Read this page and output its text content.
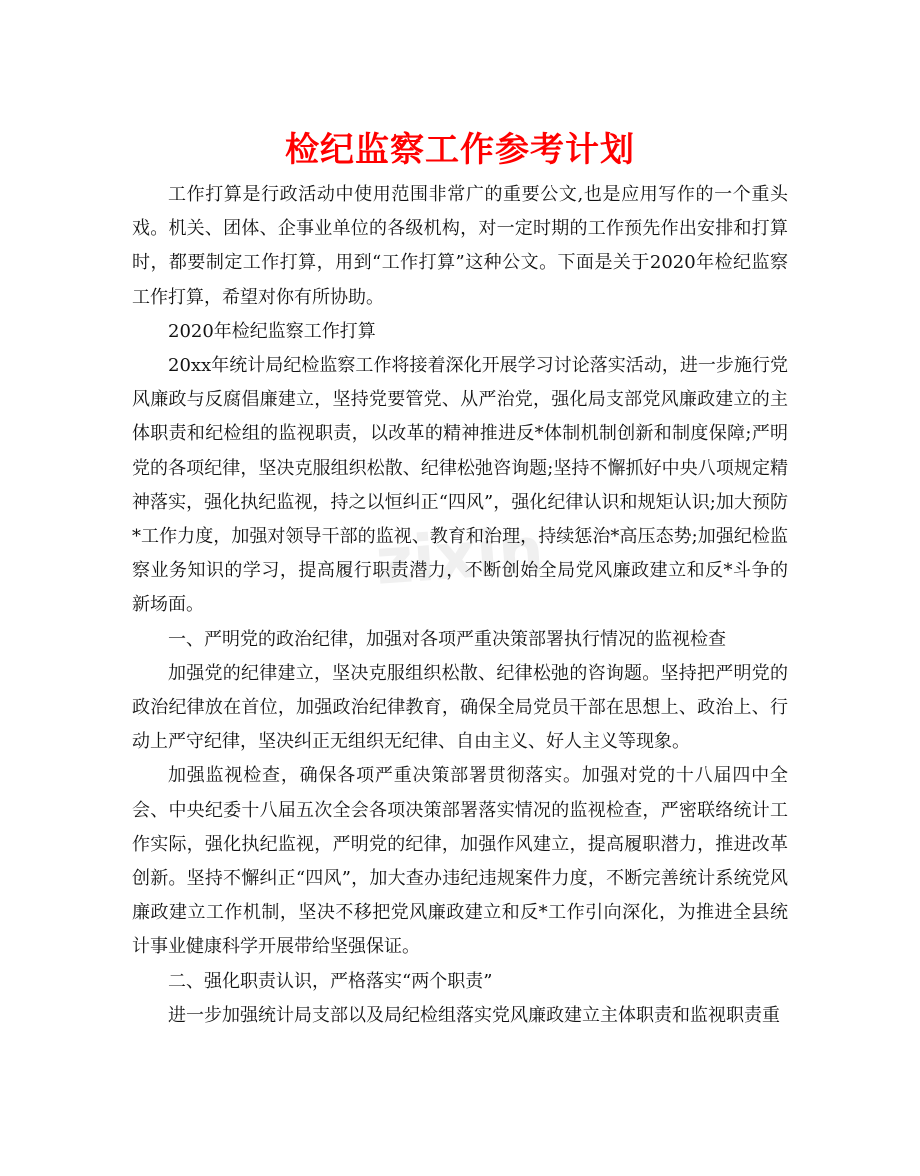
检纪监察工作参考计划
zixin

工作打算是行政活动中使用范围非常广的重要公文,也是应用写作的一个重头戏。机关、团体、企事业单位的各级机构，对一定时期的工作预先作出安排和打算时，都要制定工作打算，用到“工作打算”这种公文。下面是关于2020年检纪监察工作打算，希望对你有所协助。

2020年检纪监察工作打算

20xx年统计局纪检监察工作将接着深化开展学习讨论落实活动，进一步施行党风廉政与反腐倡廉建立，坚持党要管党、从严治党，强化局支部党风廉政建立的主体职责和纪检组的监视职责，以改革的精神推进反*体制机制创新和制度保障;严明党的各项纪律，坚决克服组织松散、纪律松弛咨询题;坚持不懈抓好中央八项规定精神落实，强化执纪监视，持之以恒纠正“四风”，强化纪律认识和规矩认识;加大预防*工作力度，加强对领导干部的监视、教育和治理，持续惩治*高压态势;加强纪检监察业务知识的学习，提高履行职责潜力，不断创始全局党风廉政建立和反*斗争的新场面。

一、严明党的政治纪律，加强对各项严重决策部署执行情况的监视检查

加强党的纪律建立，坚决克服组织松散、纪律松弛的咨询题。坚持把严明党的政治纪律放在首位，加强政治纪律教育，确保全局党员干部在思想上、政治上、行动上严守纪律，坚决纠正无组织无纪律、自由主义、好人主义等现象。

加强监视检查，确保各项严重决策部署贯彻落实。加强对党的十八届四中全会、中央纪委十八届五次全会各项决策部署落实情况的监视检查，严密联络统计工作实际，强化执纪监视，严明党的纪律，加强作风建立，提高履职潜力，推进改革创新。坚持不懈纠正“四风”，加大查办违纪违规案件力度，不断完善统计系统党风廉政建立工作机制，坚决不移把党风廉政建立和反*工作引向深化，为推进全县统计事业健康科学开展带给坚强保证。

二、强化职责认识，严格落实“两个职责”

进一步加强统计局支部以及局纪检组落实党风廉政建立主体职责和监视职责重
